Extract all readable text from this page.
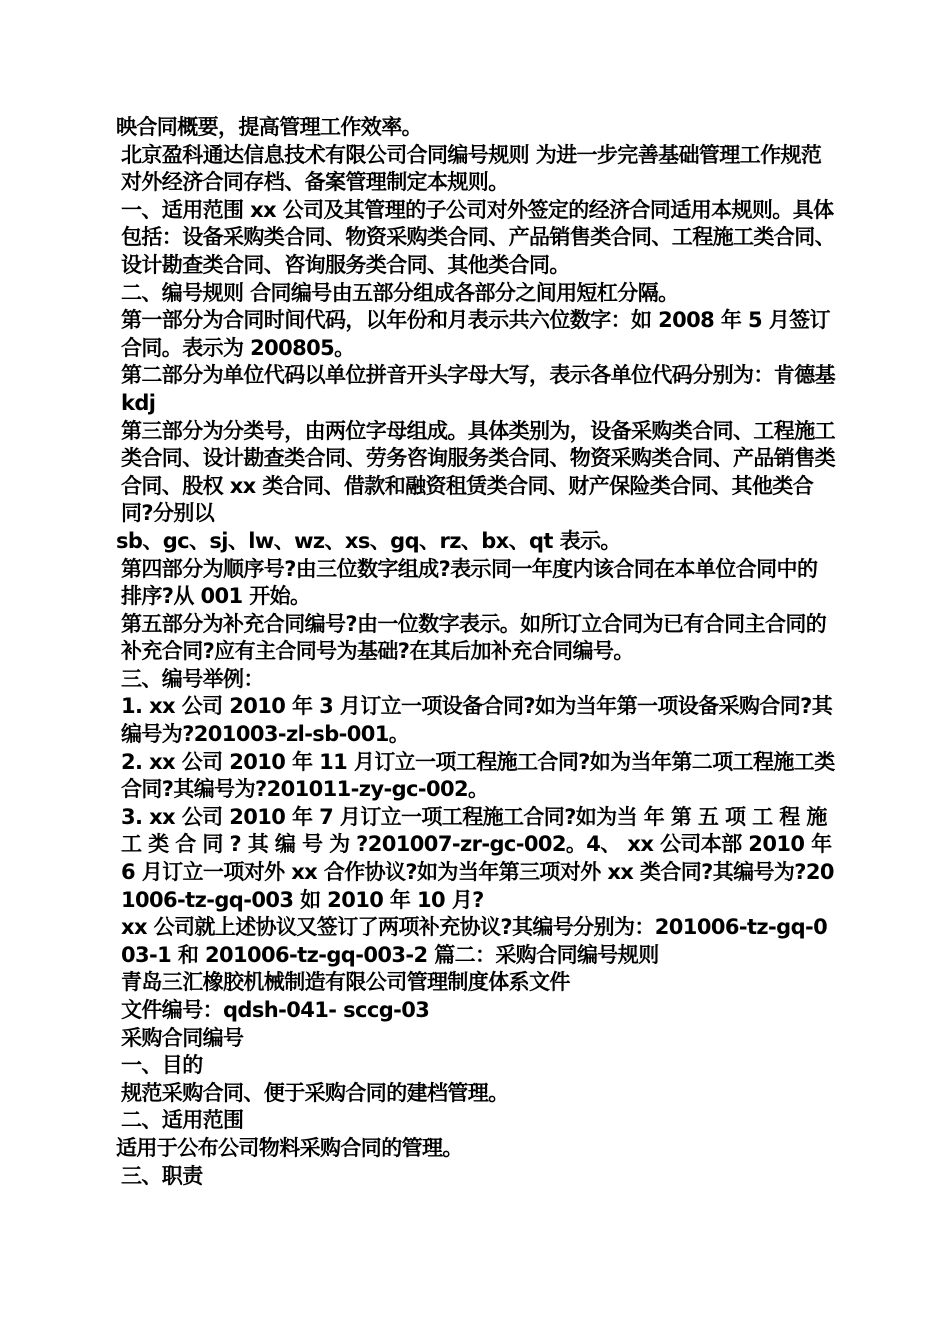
映合同概要，提高管理工作效率。

北京盈科通达信息技术有限公司合同编号规则 为进一步完善基础管理工作规范对外经济合同存档、备案管理制定本规则。

一、适用范围 xx 公司及其管理的子公司对外签定的经济合同适用本规则。具体包括：设备采购类合同、物资采购类合同、产品销售类合同、工程施工类合同、设计勘查类合同、咨询服务类合同、其他类合同。

二、编号规则 合同编号由五部分组成各部分之间用短杠分隔。

第一部分为合同时间代码，以年份和月表示共六位数字：如 2008 年 5 月签订合同。表示为 200805。

第二部分为单位代码以单位拼音开头字母大写，表示各单位代码分别为：肯德基 kdj

第三部分为分类号，由两位字母组成。具体类别为，设备采购类合同、工程施工类合同、设计勘查类合同、劳务咨询服务类合同、物资采购类合同、产品销售类合同、股权 xx 类合同、借款和融资租赁类合同、财产保险类合同、其他类合同?分别以

sb、gc、sj、lw、wz、xs、gq、rz、bx、qt 表示。

第四部分为顺序号?由三位数字组成?表示同一年度内该合同在本单位合同中的排序?从 001 开始。

第五部分为补充合同编号?由一位数字表示。如所订立合同为已有合同主合同的补充合同?应有主合同号为基础?在其后加补充合同编号。

三、编号举例：

1. xx 公司 2010 年 3 月订立一项设备合同?如为当年第一项设备采购合同?其编号为?201003-zl-sb-001。

2. xx 公司 2010 年 11 月订立一项工程施工合同?如为当年第二项工程施工类合同?其编号为?201011-zy-gc-002。

3. xx 公司 2010 年 7 月订立一项工程施工合同?如为当 年 第 五 项 工 程 施 工 类 合 同 ? 其 编 号 为 ?201007-zr-gc-002。4、 xx 公司本部 2010 年 6 月订立一项对外 xx 合作协议?如为当年第三项对外 xx 类合同?其编号为?201006-tz-gq-003 如 2010 年 10 月?

xx 公司就上述协议又签订了两项补充协议?其编号分别为：201006-tz-gq-003-1 和 201006-tz-gq-003-2 篇二：采购合同编号规则

青岛三汇橡胶机械制造有限公司管理制度体系文件

文件编号：qdsh-041- sccg-03

采购合同编号

一、目的

规范采购合同、便于采购合同的建档管理。

二、适用范围

适用于公布公司物料采购合同的管理。

三、职责
